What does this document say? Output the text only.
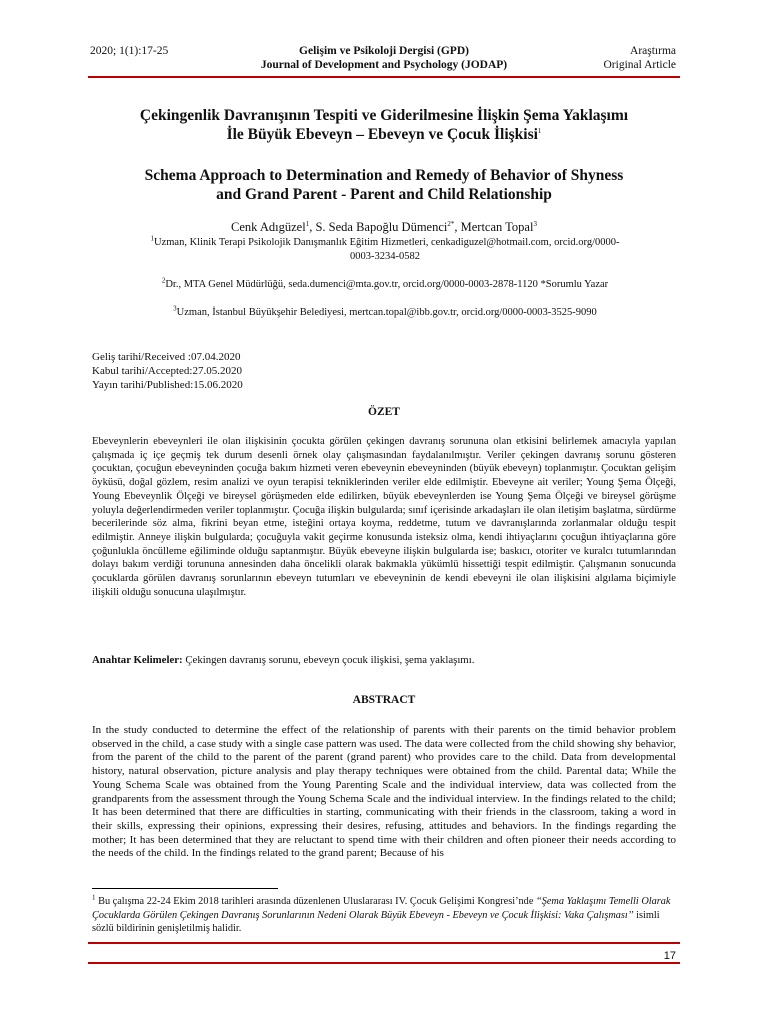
2020; 1(1):17-25	Gelişim ve Psikoloji Dergisi (GPD)
Journal of Development and Psychology (JODAP)
Araştırma
Original Article
Çekingenlik Davranışının Tespiti ve Giderilmesine İlişkin Şema Yaklaşımı
İle Büyük Ebeveyn – Ebeveyn ve Çocuk İlişkisi$^1$
Schema Approach to Determination and Remedy of Behavior of Shyness
and Grand Parent - Parent and Child Relationship
Cenk Adıgüzel$^1$, S. Seda Bapoğlu Dümenci$^{2*}$, Mertcan Topal$^3$
$^1$Uzman, Klinik Terapi Psikolojik Danışmanlık Eğitim Hizmetleri, cenkadiguzel@hotmail.com, orcid.org/0000-
0003-3234-0582
$^2$Dr., MTA Genel Müdürlüğü, seda.dumenci@mta.gov.tr, orcid.org/0000-0003-2878-1120 *Sorumlu Yazar
$^3$Uzman, İstanbul Büyükşehir Belediyesi, mertcan.topal@ibb.gov.tr, orcid.org/0000-0003-3525-9090
Geliş tarihi/Received :07.04.2020
Kabul tarihi/Accepted:27.05.2020
Yayın tarihi/Published:15.06.2020
ÖZET
Ebeveynlerin ebeveynleri ile olan ilişkisinin çocukta görülen çekingen davranış sorununa olan etkisini belirlemek amacıyla yapılan çalışmada iç içe geçmiş tek durum desenli örnek olay çalışmasından faydalanılmıştır. Veriler çekingen davranış sorunu gösteren çocuktan, çocuğun ebeveyninden çocuğa bakım hizmeti veren ebeveynin ebeveyninden (büyük ebeveyn) toplanmıştır. Çocuktan gelişim öyküsü, doğal gözlem, resim analizi ve oyun terapisi tekniklerinden veriler elde edilmiştir. Ebeveyne ait veriler; Young Şema Ölçeği, Young Ebeveynlik Ölçeği ve bireysel görüşmeden elde edilirken, büyük ebeveynlerden ise Young Şema Ölçeği ve bireysel görüşme yoluyla değerlendirmeden veriler toplanmıştır. Çocuğa ilişkin bulgularda; sınıf içerisinde arkadaşları ile olan iletişim başlatma, sürdürme becerilerinde söz alma, fikrini beyan etme, isteğini ortaya koyma, reddetme, tutum ve davranışlarında zorlanmalar olduğu tespit edilmiştir. Anneye ilişkin bulgularda; çocuğuyla vakit geçirme konusunda isteksiz olma, kendi ihtiyaçlarını çocuğun ihtiyaçlarına göre çoğunlukla öncülleme eğiliminde olduğu saptanmıştır. Büyük ebeveyne ilişkin bulgularda ise; baskıcı, otoriter ve kuralcı tutumlarından dolayı bakım verdiği torununa annesinden daha öncelikli olarak bakmakla yükümlü hissettiği tespit edilmiştir. Çalışmanın sonucunda çocuklarda görülen davranış sorunlarının ebeveyn tutumları ve ebeveyninin de kendi ebeveyni ile olan ilişkisini algılama biçimiyle ilişkili olduğu sonucuna ulaşılmıştır.
Anahtar Kelimeler: Çekingen davranış sorunu, ebeveyn çocuk ilişkisi, şema yaklaşımı.
ABSTRACT
In the study conducted to determine the effect of the relationship of parents with their parents on the timid behavior problem observed in the child, a case study with a single case pattern was used. The data were collected from the child showing shy behavior, from the parent of the child to the parent of the parent (grand parent) who provides care to the child. Data from developmental history, natural observation, picture analysis and play therapy techniques were obtained from the child. Parental data; While the Young Schema Scale was obtained from the Young Parenting Scale and the individual interview, data was collected from the grandparents from the assessment through the Young Schema Scale and the individual interview. In the findings related to the child; It has been determined that there are difficulties in starting, communicating with their friends in the classroom, taking a word in their skills, expressing their opinions, expressing their desires, refusing, attitudes and behaviors. In the findings regarding the mother; It has been determined that they are reluctant to spend time with their children and often pioneer their needs according to the needs of the child. In the findings related to the grand parent; Because of his
$^1$ Bu çalışma 22-24 Ekim 2018 tarihleri arasında düzenlenen Uluslararası IV. Çocuk Gelişimi Kongresi’nde “Şema Yaklaşımı Temelli Olarak Çocuklarda Görülen Çekingen Davranış Sorunlarının Nedeni Olarak Büyük Ebeveyn - Ebeveyn ve Çocuk İlişkisi: Vaka Çalışması’’ isimli sözlü bildirinin genişletilmiş halidir.
17
